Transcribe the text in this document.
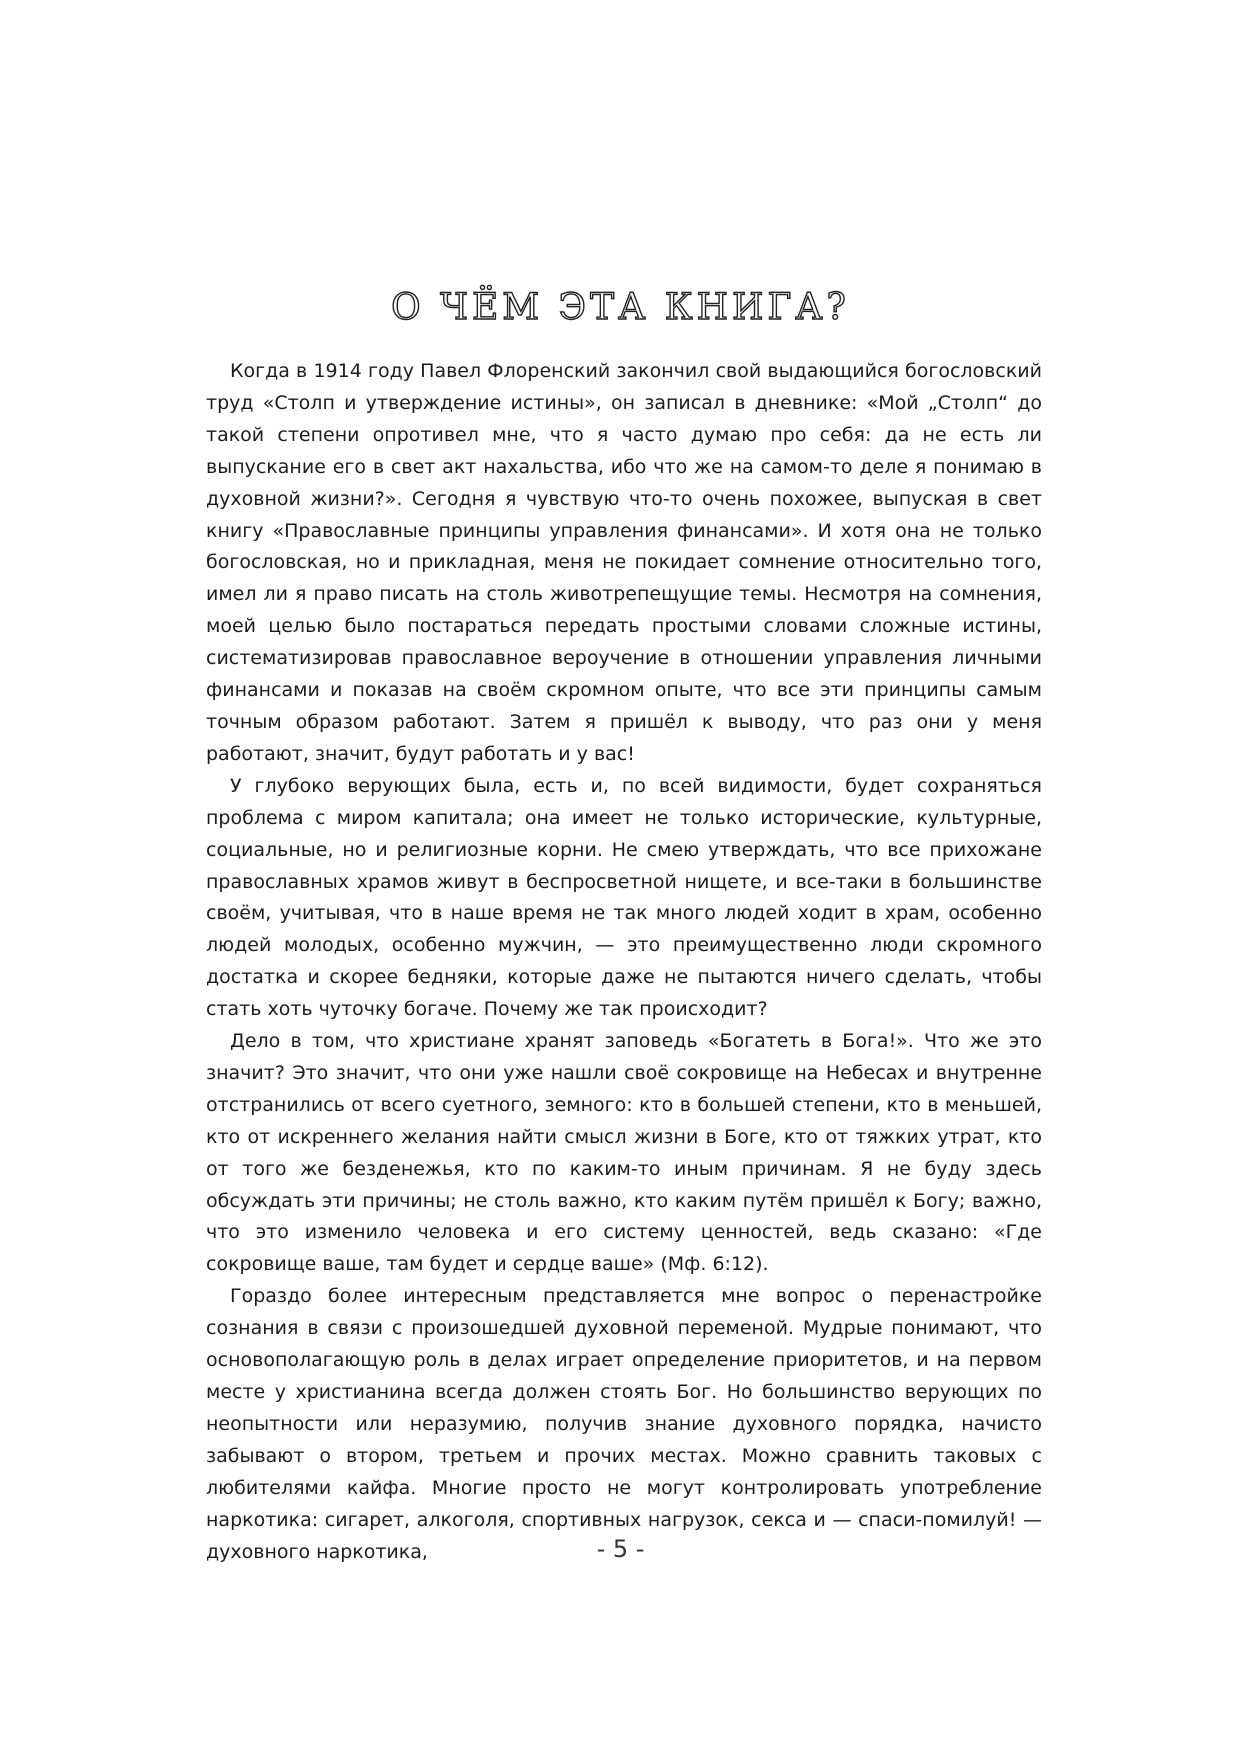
О ЧЁМ ЭТА КНИГА?

Когда в 1914 году Павел Флоренский закончил свой выдающийся богословский труд «Столп и утверждение истины», он записал в дневнике: «Мой „Столп“ до такой степени опротивел мне, что я часто думаю про себя: да не есть ли выпускание его в свет акт нахальства, ибо что же на самом-то деле я понимаю в духовной жизни?». Сегодня я чувствую что-то очень похожее, выпуская в свет книгу «Православные принципы управления финансами». И хотя она не только богословская, но и прикладная, меня не покидает сомнение относительно того, имел ли я право писать на столь животрепещущие темы. Несмотря на сомнения, моей целью было постараться передать простыми словами сложные истины, систематизировав православное вероучение в отношении управления личными финансами и показав на своём скромном опыте, что все эти принципы самым точным образом работают. Затем я пришёл к выводу, что раз они у меня работают, значит, будут работать и у вас!

У глубоко верующих была, есть и, по всей видимости, будет сохраняться проблема с миром капитала; она имеет не только исторические, культурные, социальные, но и религиозные корни. Не смею утверждать, что все прихожане православных храмов живут в беспросветной нищете, и все-таки в большинстве своём, учитывая, что в наше время не так много людей ходит в храм, особенно людей молодых, особенно мужчин, — это преимущественно люди скромного достатка и скорее бедняки, которые даже не пытаются ничего сделать, чтобы стать хоть чуточку богаче. Почему же так происходит?

Дело в том, что христиане хранят заповедь «Богатеть в Бога!». Что же это значит? Это значит, что они уже нашли своё сокровище на Небесах и внутренне отстранились от всего суетного, земного: кто в большей степени, кто в меньшей, кто от искреннего желания найти смысл жизни в Боге, кто от тяжких утрат, кто от того же безденежья, кто по каким-то иным причинам. Я не буду здесь обсуждать эти причины; не столь важно, кто каким путём пришёл к Богу; важно, что это изменило человека и его систему ценностей, ведь сказано: «Где сокровище ваше, там будет и сердце ваше» (Мф. 6:12).

Гораздо более интересным представляется мне вопрос о перенастройке сознания в связи с произошедшей духовной переменой. Мудрые понимают, что основополагающую роль в делах играет определение приоритетов, и на первом месте у христианина всегда должен стоять Бог. Но большинство верующих по неопытности или неразумию, получив знание духовного порядка, начисто забывают о втором, третьем и прочих местах. Можно сравнить таковых с любителями кайфа. Многие просто не могут контролировать употребление наркотика: сигарет, алкоголя, спортивных нагрузок, секса и — спаси-помилуй! — духовного наркотика,	- 5 -
